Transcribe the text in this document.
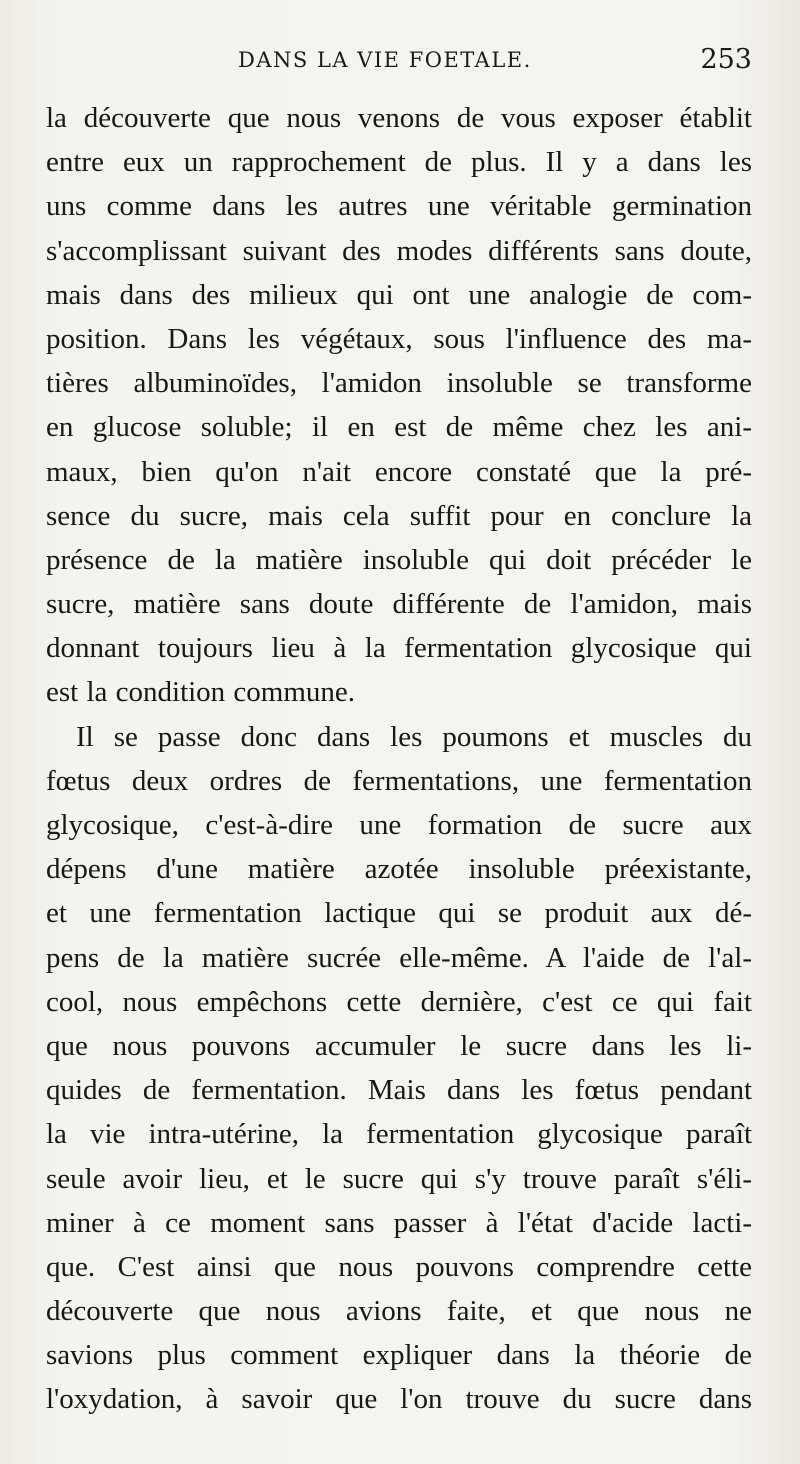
DANS LA VIE FOETALE.	253
la découverte que nous venons de vous exposer établit
entre eux un rapprochement de plus. Il y a dans les
uns comme dans les autres une véritable germination
s'accomplissant suivant des modes différents sans doute,
mais dans des milieux qui ont une analogie de com-
position. Dans les végétaux, sous l'influence des ma-
tières albuminoïdes, l'amidon insoluble se transforme
en glucose soluble; il en est de même chez les ani-
maux, bien qu'on n'ait encore constaté que la pré-
sence du sucre, mais cela suffit pour en conclure la
présence de la matière insoluble qui doit précéder le
sucre, matière sans doute différente de l'amidon, mais
donnant toujours lieu à la fermentation glycosique qui
est la condition commune.
Il se passe donc dans les poumons et muscles du
fœtus deux ordres de fermentations, une fermentation
glycosique, c'est-à-dire une formation de sucre aux
dépens d'une matière azotée insoluble préexistante,
et une fermentation lactique qui se produit aux dé-
pens de la matière sucrée elle-même. A l'aide de l'al-
cool, nous empêchons cette dernière, c'est ce qui fait
que nous pouvons accumuler le sucre dans les li-
quides de fermentation. Mais dans les fœtus pendant
la vie intra-utérine, la fermentation glycosique paraît
seule avoir lieu, et le sucre qui s'y trouve paraît s'éli-
miner à ce moment sans passer à l'état d'acide lacti-
que. C'est ainsi que nous pouvons comprendre cette
découverte que nous avions faite, et que nous ne
savions plus comment expliquer dans la théorie de
l'oxydation, à savoir que l'on trouve du sucre dans
